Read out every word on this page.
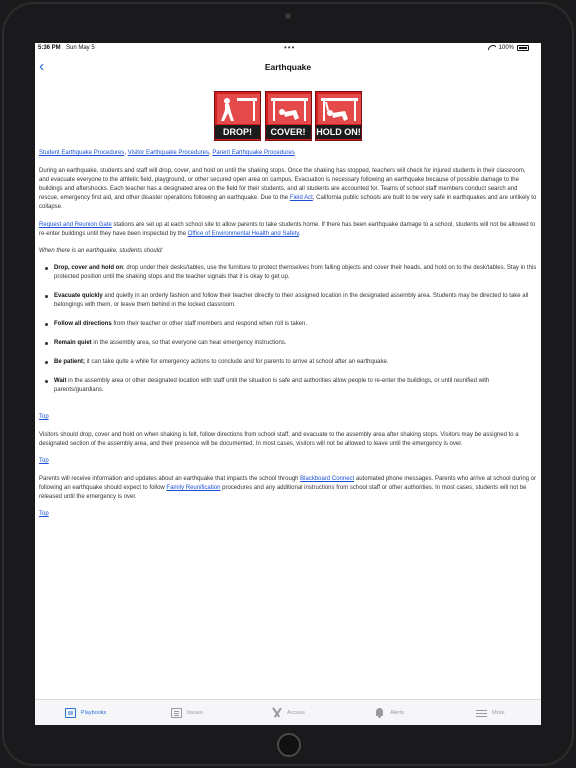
5:36 PM Sun May 5	•••	100%
‹	Earthquake
DROP!	COVER!	HOLD ON!
Student Earthquake Procedures, Visitor Earthquake Procedures, Parent Earthquake Procedures

During an earthquake, students and staff will drop, cover, and hold on until the shaking stops. Once the shaking has stopped, teachers will check for injured students in their classroom, and evacuate everyone to the athletic field, playground, or other secured open area on campus. Evacuation is necessary following an earthquake because of possible damage to the buildings and aftershocks. Each teacher has a designated area on the field for their students, and all students are accounted for. Teams of school staff members conduct search and rescue, emergency first aid, and other disaster operations following an earthquake. Due to the Field Act, California public schools are built to be very safe in earthquakes and are unlikely to collapse.

Request and Reunion Gate stations are set up at each school site to allow parents to take students home. If there has been earthquake damage to a school, students will not be allowed to re-enter buildings until they have been inspected by the Office of Environmental Health and Safety.

When there is an earthquake, students should:

Drop, cover and hold on: drop under their desks/tables, use the furniture to protect themselves from falling objects and cover their heads, and hold on to the desk/tables. Stay in this protected position until the shaking stops and the teacher signals that it is okay to get up.
Evacuate quickly and quietly in an orderly fashion and follow their teacher directly to their assigned location in the designated assembly area. Students may be directed to take all belongings with them, or leave them behind in the locked classroom.
Follow all directions from their teacher or other staff members and respond when roll is taken.
Remain quiet in the assembly area, so that everyone can hear emergency instructions.
Be patient; it can take quite a while for emergency actions to conclude and for parents to arrive at school after an earthquake.
Wait in the assembly area or other designated location with staff until the situation is safe and authorities allow people to re-enter the buildings, or until reunified with parents/guardians.
Top

Visitors should drop, cover and hold on when shaking is felt, follow directions from school staff, and evacuate to the assembly area after shaking stops. Visitors may be assigned to a designated section of the assembly area, and their presence will be documented. In most cases, visitors will not be allowed to leave until the emergency is over.

Top

Parents will receive information and updates about an earthquake that impacts the school through Blackboard Connect automated phone messages. Parents who arrive at school during or following an earthquake should expect to follow Family Reunification procedures and any additional instructions from school staff or other authorities. In most cases, students will not be released until the emergency is over.

Top
Playbooks	Issues	Access	Alerts	More
